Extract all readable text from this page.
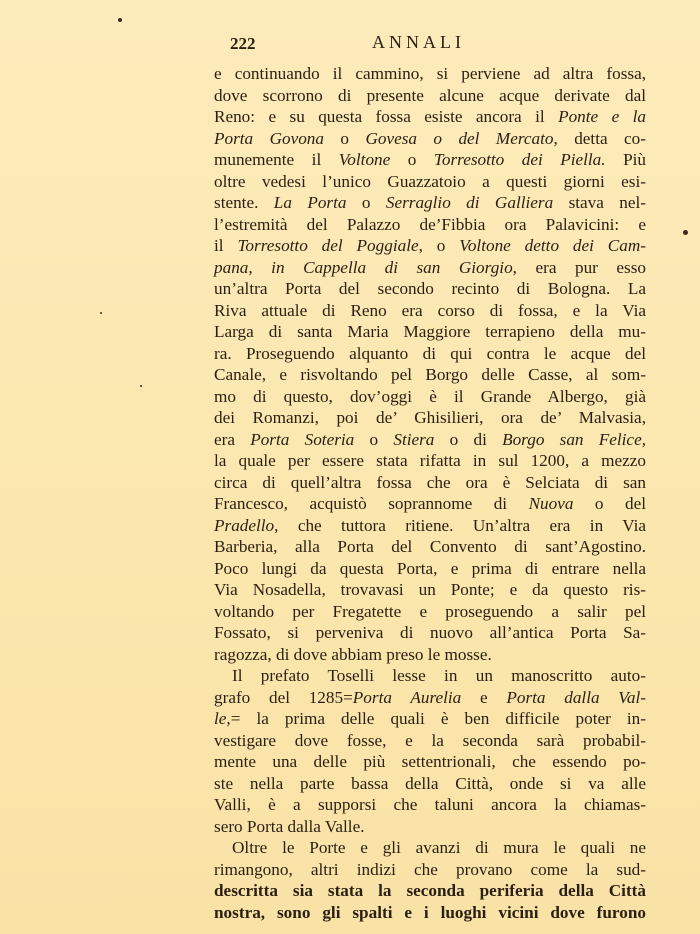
222	ANNALI
e continuando il cammino, si perviene ad altra fossa,
dove scorrono di presente alcune acque derivate dal
Reno: e su questa fossa esiste ancora il Ponte e la
Porta Govona o Govesa o del Mercato, detta co-
munemente il Voltone o Torresotto dei Piella. Più
oltre vedesi l’unico Guazzatoio a questi giorni esi-
stente. La Porta o Serraglio di Galliera stava nel-
l’estremità del Palazzo de’Fibbia ora Palavicini: e
il Torresotto del Poggiale, o Voltone detto dei Cam-
pana, in Cappella di san Giorgio, era pur esso
un’altra Porta del secondo recinto di Bologna. La
Riva attuale di Reno era corso di fossa, e la Via
Larga di santa Maria Maggiore terrapieno della mu-
ra. Proseguendo alquanto di qui contra le acque del
Canale, e risvoltando pel Borgo delle Casse, al som-
mo di questo, dov’oggi è il Grande Albergo, già
dei Romanzi, poi de’ Ghisilieri, ora de’ Malvasia,
era Porta Soteria o Stiera o di Borgo san Felice,
la quale per essere stata rifatta in sul 1200, a mezzo
circa di quell’altra fossa che ora è Selciata di san
Francesco, acquistò soprannome di Nuova o del
Pradello, che tuttora ritiene. Un’altra era in Via
Barberia, alla Porta del Convento di sant’Agostino.
Poco lungi da questa Porta, e prima di entrare nella
Via Nosadella, trovavasi un Ponte; e da questo ris-
voltando per Fregatette e proseguendo a salir pel
Fossato, si perveniva di nuovo all’antica Porta Sa-
ragozza, di dove abbiam preso le mosse.
Il prefato Toselli lesse in un manoscritto auto-
grafo del 1285=Porta Aurelia e Porta dalla Val-
le,= la prima delle quali è ben difficile poter in-
vestigare dove fosse, e la seconda sarà probabil-
mente una delle più settentrionali, che essendo po-
ste nella parte bassa della Città, onde si va alle
Valli, è a supporsi che taluni ancora la chiamas-
sero Porta dalla Valle.
Oltre le Porte e gli avanzi di mura le quali ne
rimangono, altri indizi che provano come la sud-
descritta sia stata la seconda periferia della Città
nostra, sono gli spalti e i luoghi vicini dove furono
